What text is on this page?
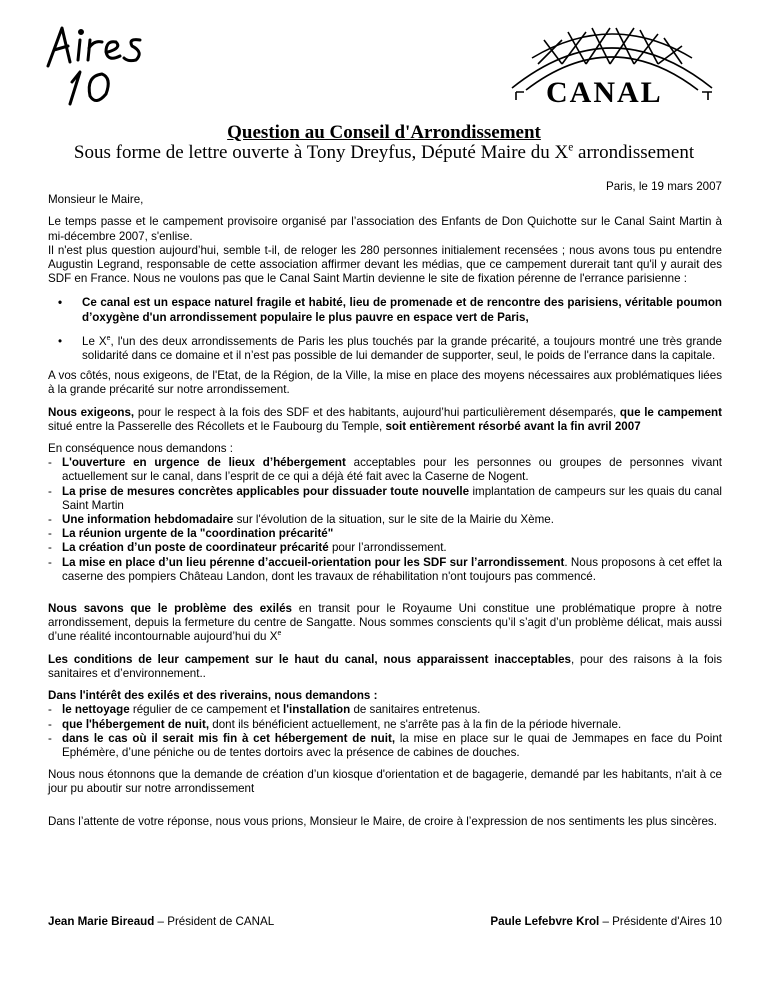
CANAL
Question au Conseil d'Arrondissement
Sous forme de lettre ouverte à Tony Dreyfus, Député Maire du Xe arrondissement

Paris, le 19 mars 2007

Monsieur le Maire,

Le temps passe et le campement provisoire organisé par l’association des Enfants de Don Quichotte sur le Canal Saint Martin à mi-décembre 2007, s'enlise.

Il n'est plus question aujourd’hui, semble t-il, de reloger les 280 personnes initialement recensées ; nous avons tous pu entendre Augustin Legrand, responsable de cette association affirmer devant les médias, que ce campement durerait tant qu'il y aurait des SDF en France. Nous ne voulons pas que le Canal Saint Martin devienne le site de fixation pérenne de l'errance parisienne :

• Ce canal est un espace naturel fragile et habité, lieu de promenade et de rencontre des parisiens, véritable poumon d’oxygène d'un arrondissement populaire le plus pauvre en espace vert de Paris,
• Le Xe, l'un des deux arrondissements de Paris les plus touchés par la grande précarité, a toujours montré une très grande solidarité dans ce domaine et il n’est pas possible de lui demander de supporter, seul, le poids de l'errance dans la capitale.

A vos côtés, nous exigeons, de l'Etat, de la Région, de la Ville, la mise en place des moyens nécessaires aux problématiques liées à la grande précarité sur notre arrondissement.

Nous exigeons, pour le respect à la fois des SDF et des habitants, aujourd’hui particulièrement désemparés, que le campement situé entre la Passerelle des Récollets et le Faubourg du Temple, soit entièrement résorbé avant la fin avril 2007

En conséquence nous demandons :

- L'ouverture en urgence de lieux d’hébergement acceptables pour les personnes ou groupes de personnes vivant actuellement sur le canal, dans l’esprit de ce qui a déjà été fait avec la Caserne de Nogent.
- La prise de mesures concrètes applicables pour dissuader toute nouvelle implantation de campeurs sur les quais du canal Saint Martin
- Une information hebdomadaire sur l'évolution de la situation, sur le site de la Mairie du Xème.
- La réunion urgente de la "coordination précarité"
- La création d’un poste de coordinateur précarité pour l’arrondissement.
- La mise en place d’un lieu pérenne d’accueil-orientation pour les SDF sur l’arrondissement. Nous proposons à cet effet la caserne des pompiers Château Landon, dont les travaux de réhabilitation n'ont toujours pas commencé.

Nous savons que le problème des exilés en transit pour le Royaume Uni constitue une problématique propre à notre arrondissement, depuis la fermeture du centre de Sangatte. Nous sommes conscients qu’il s’agit d’un problème délicat, mais aussi d’une réalité incontournable aujourd’hui du Xe

Les conditions de leur campement sur le haut du canal, nous apparaissent inacceptables, pour des raisons à la fois sanitaires et d’environnement..

Dans l'intérêt des exilés et des riverains, nous demandons :

- le nettoyage régulier de ce campement et l'installation de sanitaires entretenus.
- que l'hébergement de nuit, dont ils bénéficient actuellement, ne s'arrête pas à la fin de la période hivernale.
- dans le cas où il serait mis fin à cet hébergement de nuit, la mise en place sur le quai de Jemmapes en face du Point Ephémère, d’une péniche ou de tentes dortoirs avec la présence de cabines de douches.

Nous nous étonnons que la demande de création d’un kiosque d'orientation et de bagagerie, demandé par les habitants, n'ait à ce jour pu aboutir sur notre arrondissement

Dans l’attente de votre réponse, nous vous prions, Monsieur le Maire, de croire à l’expression de nos sentiments les plus sincères.

Jean Marie Bireaud – Président de CANAL	Paule Lefebvre Krol – Présidente d'Aires 10
